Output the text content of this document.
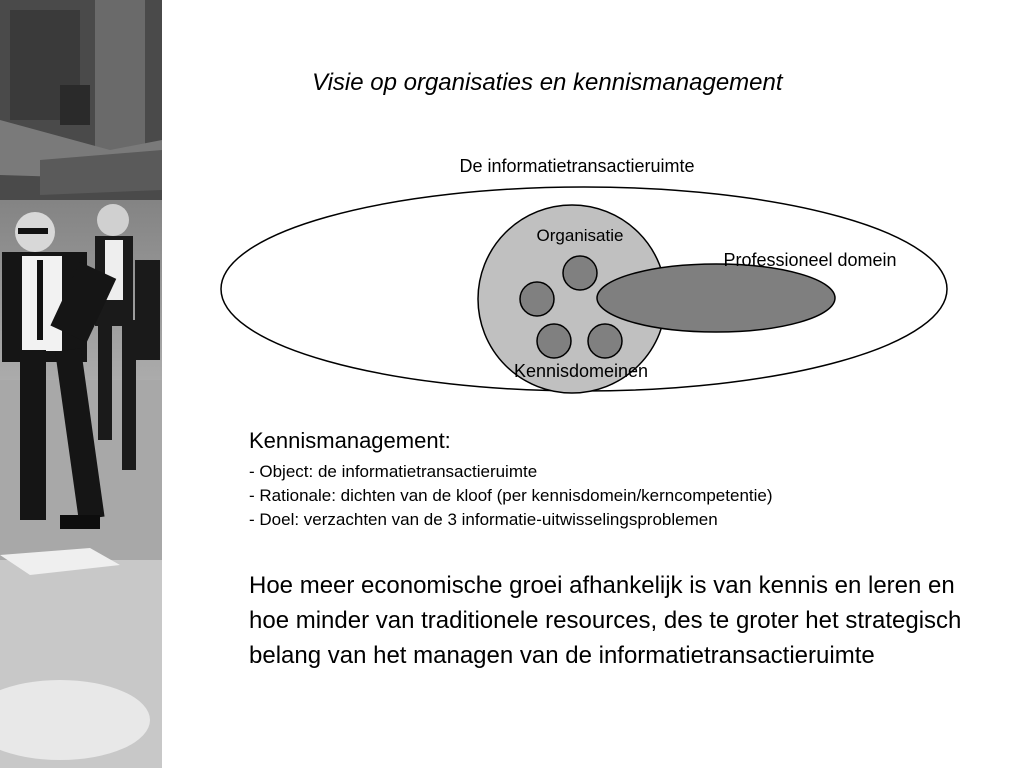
Visie op organisaties en kennismanagement
De informatietransactieruimte
Organisatie
Professioneel domein
Kennisdomeinen
Kennismanagement:
- Object: de informatietransactieruimte
- Rationale: dichten van de kloof (per kennisdomein/kerncompetentie)
- Doel: verzachten van de 3 informatie-uitwisselingsproblemen

Hoe meer economische groei afhankelijk is van kennis en leren en hoe minder van traditionele resources, des te groter het strategisch belang van het managen van de informatietransactieruimte
